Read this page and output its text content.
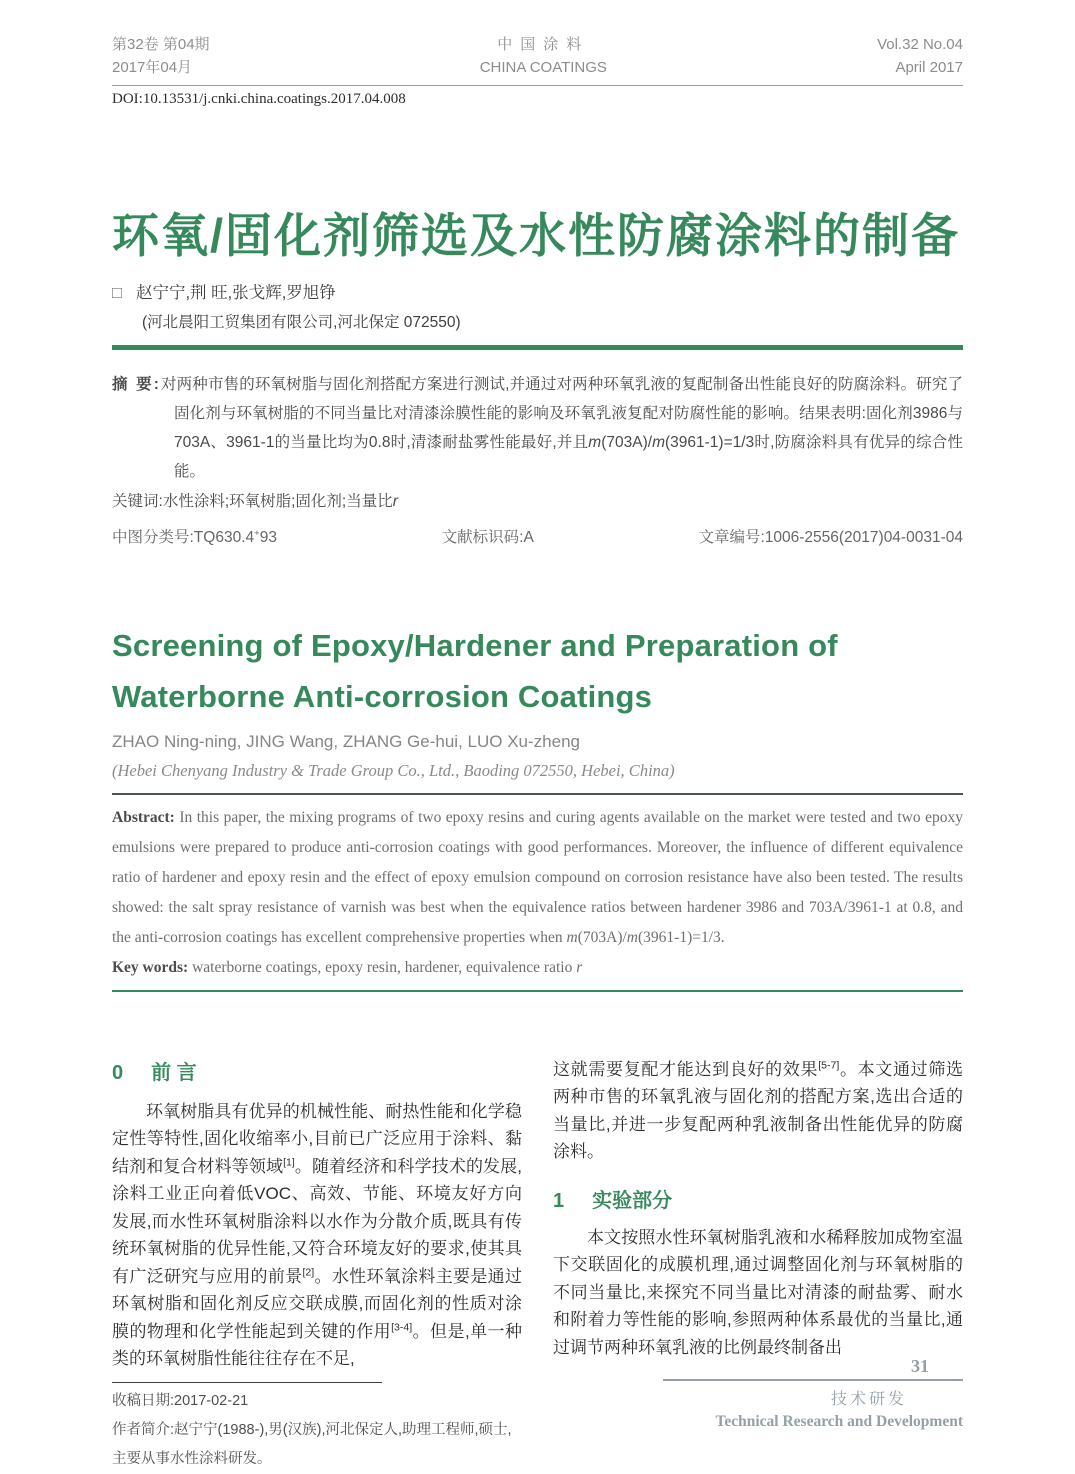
第32卷 第04期
2017年04月
中国涂料
CHINA COATINGS
Vol.32 No.04
April 2017
DOI:10.13531/j.cnki.china.coatings.2017.04.008
环氧/固化剂筛选及水性防腐涂料的制备
□ 赵宁宁,荆 旺,张戈辉,罗旭铮
(河北晨阳工贸集团有限公司,河北保定 072550)
摘 要:对两种市售的环氧树脂与固化剂搭配方案进行测试,并通过对两种环氧乳液的复配制备出性能良好的防腐涂料。研究了固化剂与环氧树脂的不同当量比对清漆涂膜性能的影响及环氧乳液复配对防腐性能的影响。结果表明:固化剂3986与703A、3961-1的当量比均为0.8时,清漆耐盐雾性能最好,并且m(703A)/m(3961-1)=1/3时,防腐涂料具有优异的综合性能。
关键词:水性涂料;环氧树脂;固化剂;当量比r
中图分类号:TQ630.4+93	文献标识码:A	文章编号:1006-2556(2017)04-0031-04
Screening of Epoxy/Hardener and Preparation of
Waterborne Anti-corrosion Coatings
ZHAO Ning-ning, JING Wang, ZHANG Ge-hui, LUO Xu-zheng
(Hebei Chenyang Industry & Trade Group Co., Ltd., Baoding 072550, Hebei, China)
Abstract: In this paper, the mixing programs of two epoxy resins and curing agents available on the market were tested and two epoxy emulsions were prepared to produce anti-corrosion coatings with good performances. Moreover, the influence of different equivalence ratio of hardener and epoxy resin and the effect of epoxy emulsion compound on corrosion resistance have also been tested. The results showed: the salt spray resistance of varnish was best when the equivalence ratios between hardener 3986 and 703A/3961-1 at 0.8, and the anti-corrosion coatings has excellent comprehensive properties when m(703A)/m(3961-1)=1/3.
Key words: waterborne coatings, epoxy resin, hardener, equivalence ratio r
0 前 言

环氧树脂具有优异的机械性能、耐热性能和化学稳定性等特性,固化收缩率小,目前已广泛应用于涂料、黏结剂和复合材料等领域[1]。随着经济和科学技术的发展,涂料工业正向着低VOC、高效、节能、环境友好方向发展,而水性环氧树脂涂料以水作为分散介质,既具有传统环氧树脂的优异性能,又符合环境友好的要求,使其具有广泛研究与应用的前景[2]。水性环氧涂料主要是通过环氧树脂和固化剂反应交联成膜,而固化剂的性质对涂膜的物理和化学性能起到关键的作用[3-4]。但是,单一种类的环氧树脂性能往往存在不足,

收稿日期:2017-02-21
作者简介:赵宁宁(1988-),男(汉族),河北保定人,助理工程师,硕士,主要从事水性涂料研发。

这就需要复配才能达到良好的效果[5-7]。本文通过筛选两种市售的环氧乳液与固化剂的搭配方案,选出合适的当量比,并进一步复配两种乳液制备出性能优异的防腐涂料。

1 实验部分

本文按照水性环氧树脂乳液和水稀释胺加成物室温下交联固化的成膜机理,通过调整固化剂与环氧树脂的不同当量比,来探究不同当量比对清漆的耐盐雾、耐水和附着力等性能的影响,参照两种体系最优的当量比,通过调节两种环氧乳液的比例最终制备出

31
技术研发
Technical Research and Development
